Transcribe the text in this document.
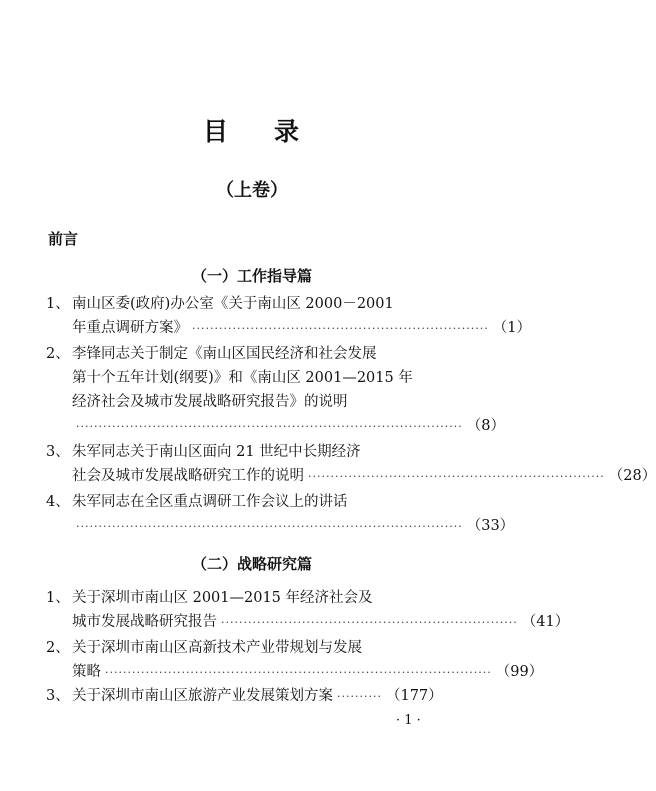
目 录
（上卷）
前言
（一）工作指导篇
1、 南山区委(政府)办公室《关于南山区 2000－2001
年重点调研方案》 ·································································· （1）
2、 李锋同志关于制定《南山区国民经济和社会发展
第十个五年计划(纲要)》和《南山区 2001—2015 年
经济社会及城市发展战略研究报告》的说明
······················································································ （8）
3、 朱军同志关于南山区面向 21 世纪中长期经济
社会及城市发展战略研究工作的说明 ·································································· （28）
4、 朱军同志在全区重点调研工作会议上的讲话
······················································································ （33）
（二）战略研究篇
1、 关于深圳市南山区 2001—2015 年经济社会及
城市发展战略研究报告 ·································································· （41）
2、 关于深圳市南山区高新技术产业带规划与发展
策略 ······················································································ （99）
3、 关于深圳市南山区旅游产业发展策划方案 ·········· （177）
· 1 ·
